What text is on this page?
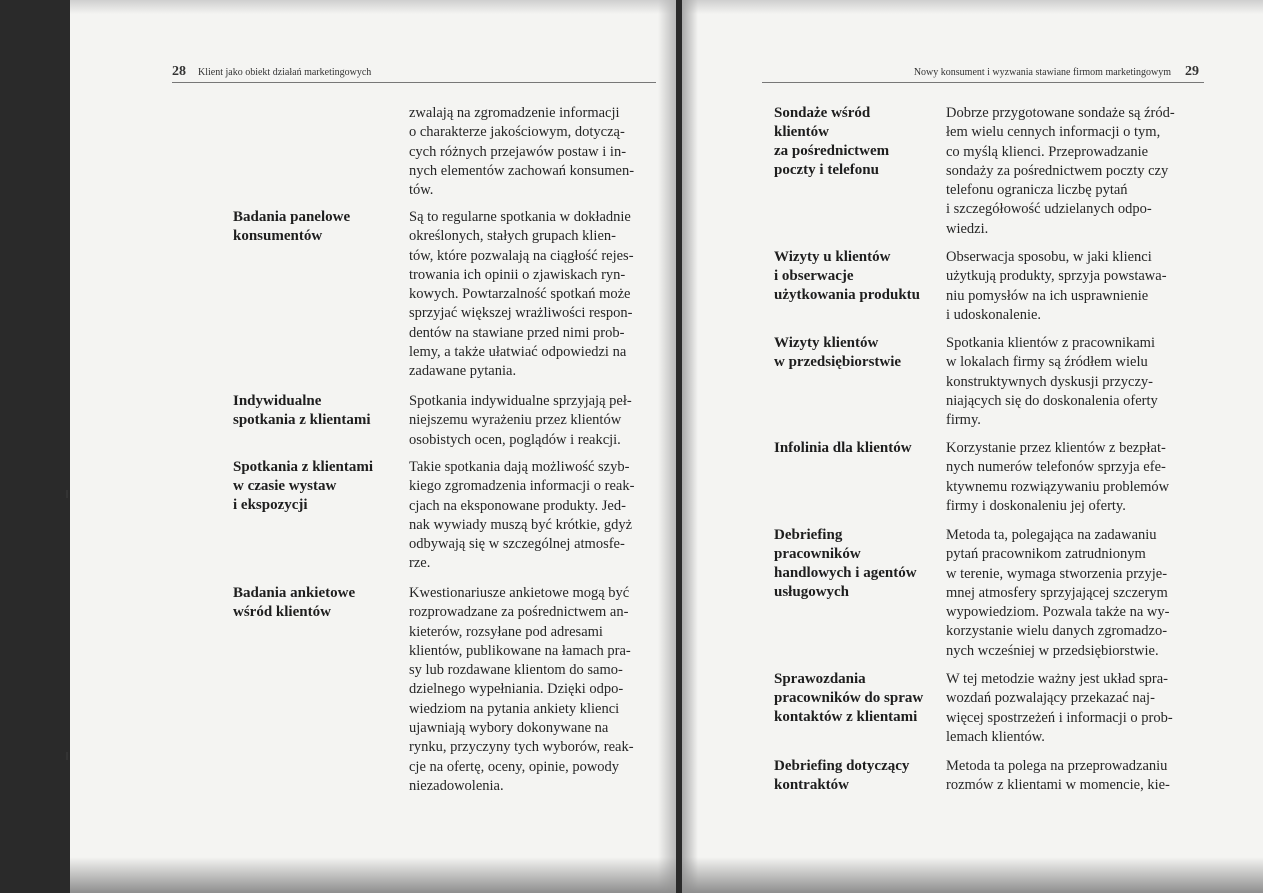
28 Klient jako obiekt działań marketingowych
zwalają na zgromadzenie informacji
o charakterze jakościowym, dotyczą-
cych różnych przejawów postaw i in-
nych elementów zachowań konsumen-
tów.
Badania panelowe
konsumentów
Są to regularne spotkania w dokładnie
określonych, stałych grupach klien-
tów, które pozwalają na ciągłość rejes-
trowania ich opinii o zjawiskach ryn-
kowych. Powtarzalność spotkań może
sprzyjać większej wrażliwości respon-
dentów na stawiane przed nimi prob-
lemy, a także ułatwiać odpowiedzi na
zadawane pytania.
Indywidualne
spotkania z klientami
Spotkania indywidualne sprzyjają peł-
niejszemu wyrażeniu przez klientów
osobistych ocen, poglądów i reakcji.
Spotkania z klientami
w czasie wystaw
i ekspozycji
Takie spotkania dają możliwość szyb-
kiego zgromadzenia informacji o reak-
cjach na eksponowane produkty. Jed-
nak wywiady muszą być krótkie, gdyż
odbywają się w szczególnej atmosfe-
rze.
Badania ankietowe
wśród klientów
Kwestionariusze ankietowe mogą być
rozprowadzane za pośrednictwem an-
kieterów, rozsyłane pod adresami
klientów, publikowane na łamach pra-
sy lub rozdawane klientom do samo-
dzielnego wypełniania. Dzięki odpo-
wiedziom na pytania ankiety klienci
ujawniają wybory dokonywane na
rynku, przyczyny tych wyborów, reak-
cje na ofertę, oceny, opinie, powody
niezadowolenia.
Nowy konsument i wyzwania stawiane firmom marketingowym 29
Sondaże wśród
klientów
za pośrednictwem
poczty i telefonu
Dobrze przygotowane sondaże są źród-
łem wielu cennych informacji o tym,
co myślą klienci. Przeprowadzanie
sondaży za pośrednictwem poczty czy
telefonu ogranicza liczbę pytań
i szczegółowość udzielanych odpo-
wiedzi.
Wizyty u klientów
i obserwacje
użytkowania produktu
Obserwacja sposobu, w jaki klienci
użytkują produkty, sprzyja powstawa-
niu pomysłów na ich usprawnienie
i udoskonalenie.
Wizyty klientów
w przedsiębiorstwie
Spotkania klientów z pracownikami
w lokalach firmy są źródłem wielu
konstruktywnych dyskusji przyczy-
niających się do doskonalenia oferty
firmy.
Infolinia dla klientów	Korzystanie przez klientów z bezpłat-
nych numerów telefonów sprzyja efe-
ktywnemu rozwiązywaniu problemów
firmy i doskonaleniu jej oferty.
Debriefing
pracowników
handlowych i agentów
usługowych
Metoda ta, polegająca na zadawaniu
pytań pracownikom zatrudnionym
w terenie, wymaga stworzenia przyje-
mnej atmosfery sprzyjającej szczerym
wypowiedziom. Pozwala także na wy-
korzystanie wielu danych zgromadzo-
nych wcześniej w przedsiębiorstwie.
Sprawozdania
pracowników do spraw
kontaktów z klientami
W tej metodzie ważny jest układ spra-
wozdań pozwalający przekazać naj-
więcej spostrzeżeń i informacji o prob-
lemach klientów.
Debriefing dotyczący
kontraktów
Metoda ta polega na przeprowadzaniu
rozmów z klientami w momencie, kie-
